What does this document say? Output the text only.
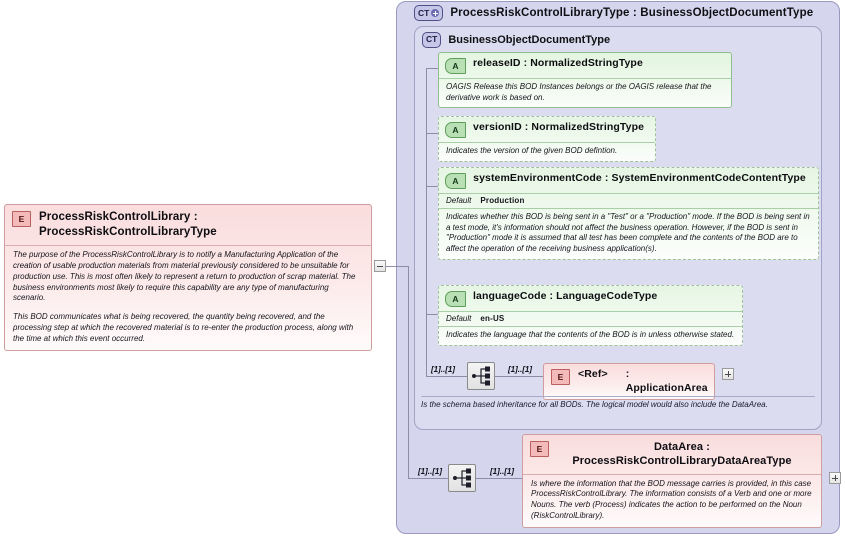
CT ProcessRiskControlLibraryType : BusinessObjectDocumentType
CT BusinessObjectDocumentType
A	releaseID : NormalizedStringType
OAGIS Release this BOD Instances belongs or the OAGIS release that the derivative work is based on.
A	versionID : NormalizedStringType
Indicates the version of the given BOD defintion.
A	systemEnvironmentCode : SystemEnvironmentCodeContentType
Default Production
Indicates whether this BOD is being sent in a "Test" or a "Production" mode. If the BOD is being sent in a test mode, it's information should not affect the business operation. However, if the BOD is sent in "Production" mode it is assumed that all test has been complete and the contents of the BOD are to affect the operation of the receiving business application(s).
A	languageCode : LanguageCodeType
Default en-US
Indicates the language that the contents of the BOD is in unless otherwise stated.
[1]..[1]	[1]..[1]
E	<Ref> : ApplicationArea
Is the schema based inheritance for all BODs. The logical model would also include the DataArea.
[1]..[1]	[1]..[1]
E	DataArea : ProcessRiskControlLibraryDataAreaType

Is where the information that the BOD message carries is provided, in this case ProcessRiskControlLibrary. The information consists of a Verb and one or more Nouns. The verb (Process) indicates the action to be performed on the Noun (RiskControlLibrary).

E	ProcessRiskControlLibrary : ProcessRiskControlLibraryType

The purpose of the ProcessRiskControlLibrary is to notify a Manufacturing Application of the creation of usable production materials from material previously considered to be unsuitable for production use. This is most often likely to represent a return to production of scrap material. The business environments most likely to require this capability are any type of manufacturing scenario.

This BOD communicates what is being recovered, the quantity being recovered, and the processing step at which the recovered material is to re-enter the production process, along with the time at which this event occurred.
